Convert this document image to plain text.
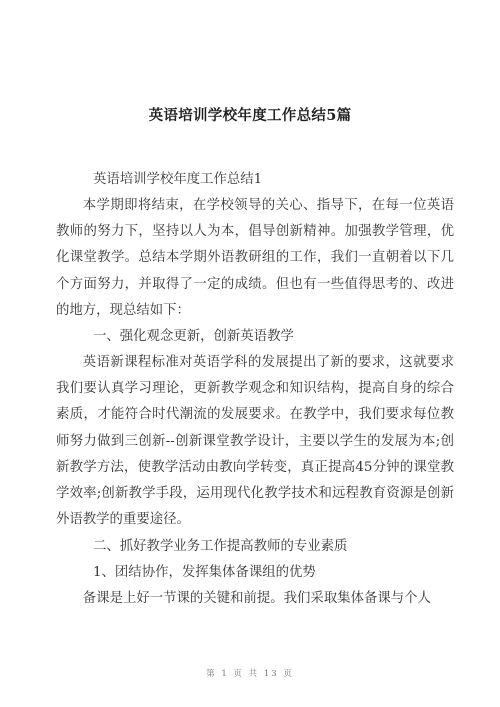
英语培训学校年度工作总结5篇
英语培训学校年度工作总结1
本学期即将结束，在学校领导的关心、指导下，在每一位英语教师的努力下，坚持以人为本，倡导创新精神。加强教学管理，优化课堂教学。总结本学期外语教研组的工作，我们一直朝着以下几个方面努力，并取得了一定的成绩。但也有一些值得思考的、改进的地方，现总结如下：
一、强化观念更新，创新英语教学
英语新课程标准对英语学科的发展提出了新的要求，这就要求我们要认真学习理论，更新教学观念和知识结构，提高自身的综合素质，才能符合时代潮流的发展要求。在教学中，我们要求每位教师努力做到三创新--创新课堂教学设计，主要以学生的发展为本;创新教学方法，使教学活动由教向学转变，真正提高45分钟的课堂教学效率;创新教学手段，运用现代化教学技术和远程教育资源是创新外语教学的重要途径。
二、抓好教学业务工作提高教师的专业素质
1、团结协作，发挥集体备课组的优势
备课是上好一节课的关键和前提。我们采取集体备课与个人
第 1 页 共 13 页
